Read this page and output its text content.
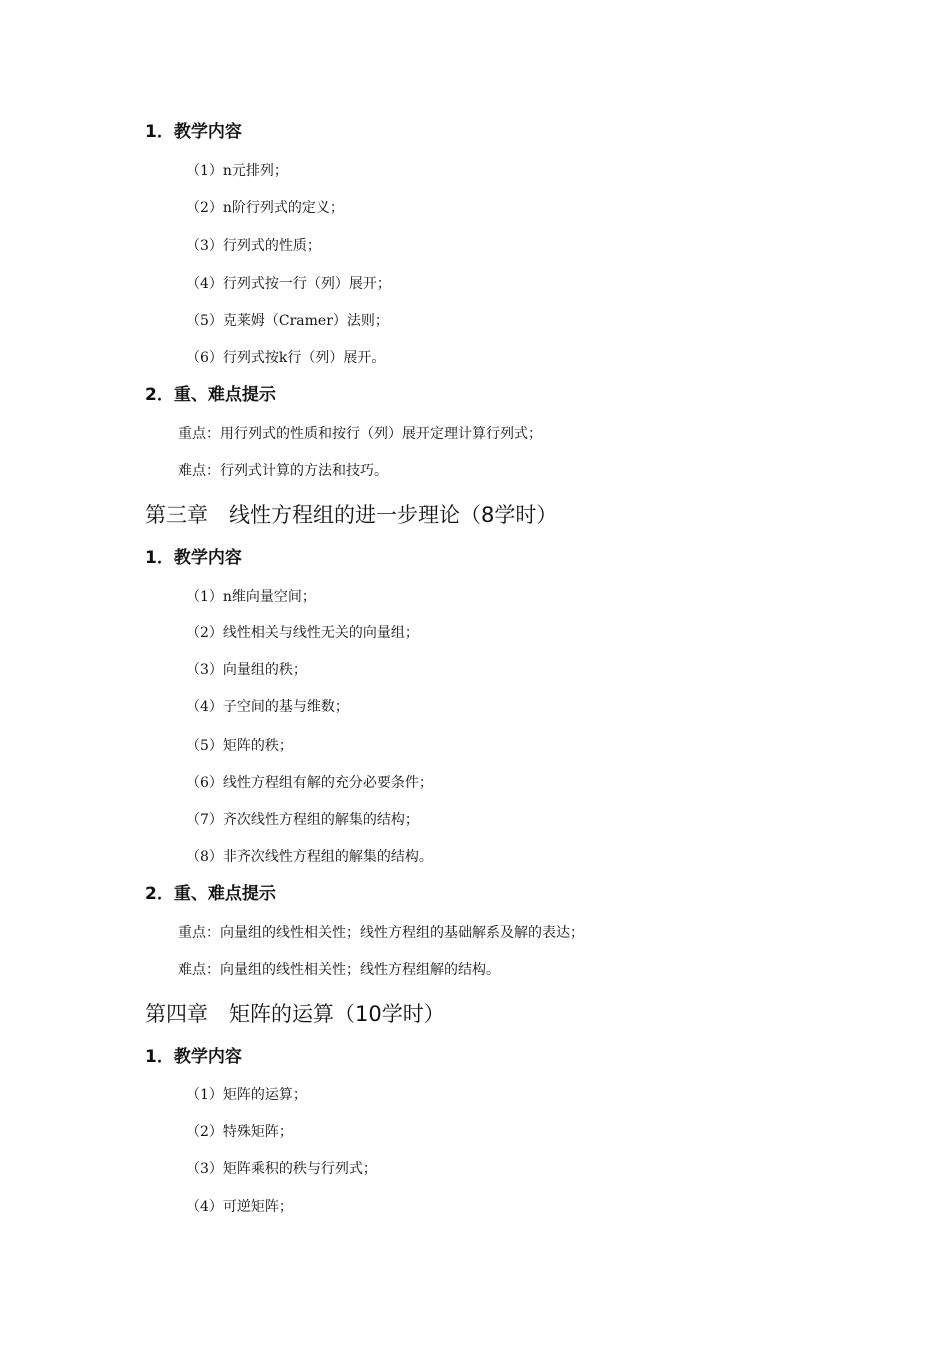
1．教学内容
（1）n元排列；
（2）n阶行列式的定义；
（3）行列式的性质；
（4）行列式按一行（列）展开；
（5）克莱姆（Cramer）法则；
（6）行列式按k行（列）展开。
2．重、难点提示
重点：用行列式的性质和按行（列）展开定理计算行列式；
难点：行列式计算的方法和技巧。
第三章　线性方程组的进一步理论（8学时）
1．教学内容
（1）n维向量空间；
（2）线性相关与线性无关的向量组；
（3）向量组的秩；
（4）子空间的基与维数；
（5）矩阵的秩；
（6）线性方程组有解的充分必要条件；
（7）齐次线性方程组的解集的结构；
（8）非齐次线性方程组的解集的结构。
2．重、难点提示
重点：向量组的线性相关性；线性方程组的基础解系及解的表达；
难点：向量组的线性相关性；线性方程组解的结构。
第四章　矩阵的运算（10学时）
1．教学内容
（1）矩阵的运算；
（2）特殊矩阵；
（3）矩阵乘积的秩与行列式；
（4）可逆矩阵；
